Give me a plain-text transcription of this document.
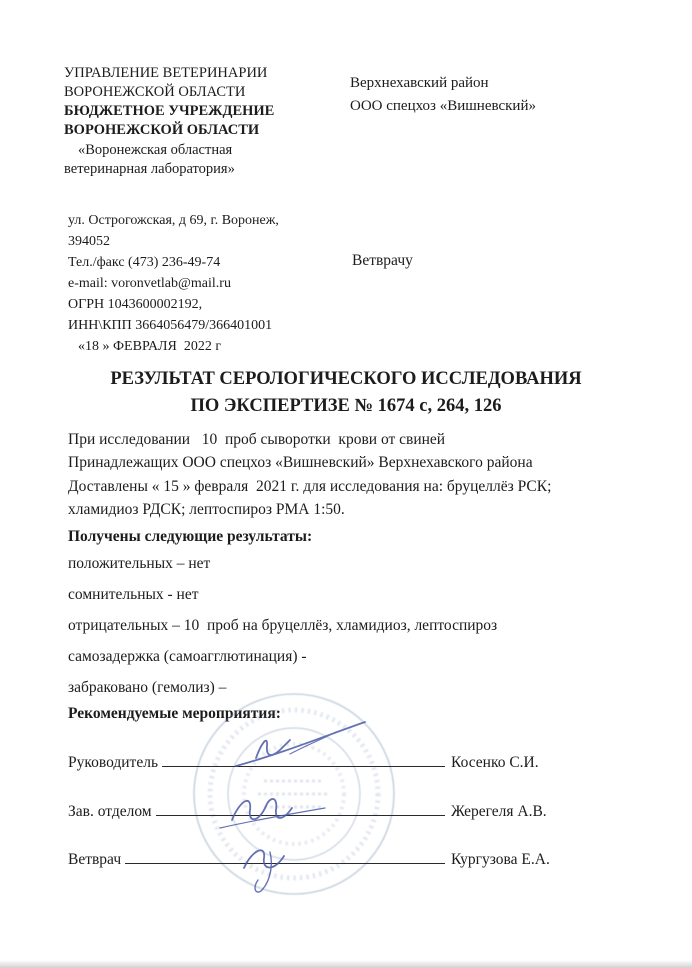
УПРАВЛЕНИЕ ВЕТЕРИНАРИИ
ВОРОНЕЖСКОЙ ОБЛАСТИ
БЮДЖЕТНОЕ УЧРЕЖДЕНИЕ
ВОРОНЕЖСКОЙ ОБЛАСТИ
«Воронежская областная
ветеринарная лаборатория»
Верхнехавский район
ООО спецхоз «Вишневский»
ул. Острогожская, д 69, г. Воронеж,
394052
Тел./факс (473) 236-49-74
e-mail: voronvetlab@mail.ru
ОГРН 1043600002192,
ИНН\КПП 3664056479/366401001
«18 » ФЕВРАЛЯ  2022 г
Ветврачу
РЕЗУЛЬТАТ СЕРОЛОГИЧЕСКОГО ИССЛЕДОВАНИЯ
ПО ЭКСПЕРТИЗЕ № 1674 с, 264, 126
При исследовании   10  проб сыворотки  крови от свиней
Принадлежащих ООО спецхоз «Вишневский» Верхнехавского района
Доставлены « 15 » февраля  2021 г. для исследования на: бруцеллёз РСК;
хламидиоз РДСК; лептоспироз РМА 1:50.
Получены следующие результаты:
положительных – нет
сомнительных - нет
отрицательных – 10  проб на бруцеллёз, хламидиоз, лептоспироз
самозадержка (самоагглютинация) -
забраковано (гемолиз) –
Рекомендуемые мероприятия:
Руководитель	Косенко С.И.
Зав. отделом	Жерегеля А.В.
Ветврач	Кургузова Е.А.
